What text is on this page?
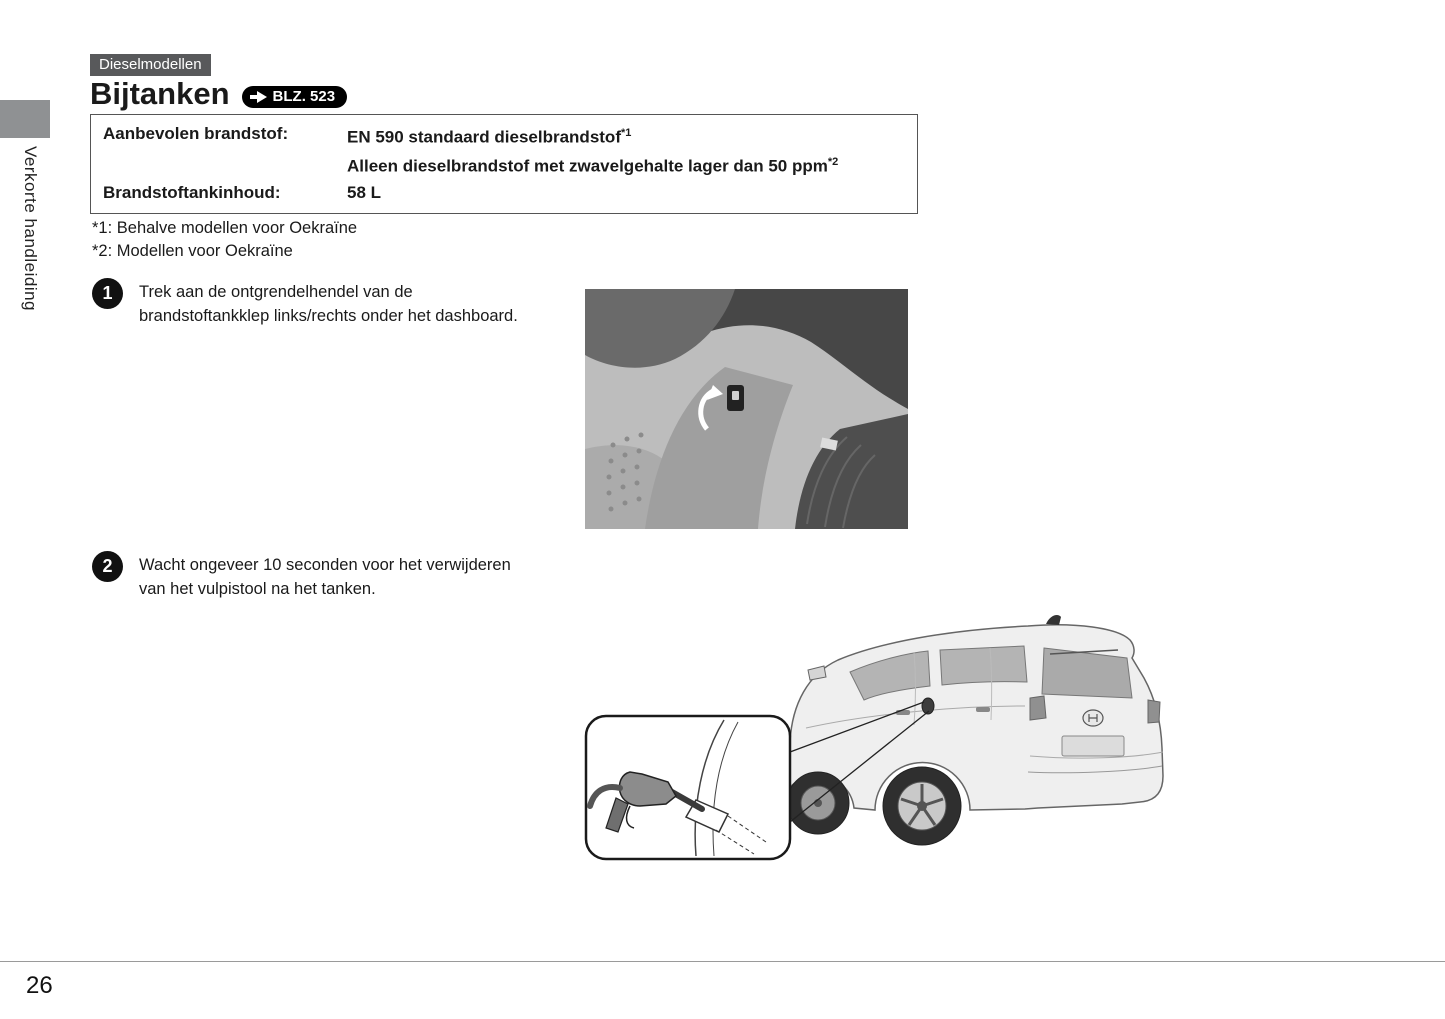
Verkorte handleiding
Dieselmodellen
Bijtanken	BLZ. 523
Aanbevolen brandstof:	EN 590 standaard dieselbrandstof$^{*1}$
Alleen dieselbrandstof met zwavelgehalte lager dan 50 ppm$^{*2}$
Brandstoftankinhoud:	58 L
*1: Behalve modellen voor Oekraïne
*2: Modellen voor Oekraïne
1	Trek aan de ontgrendelhendel van de
brandstoftankklep links/rechts onder het dashboard.

2	Wacht ongeveer 10 seconden voor het verwijderen
van het vulpistool na het tanken.

26
